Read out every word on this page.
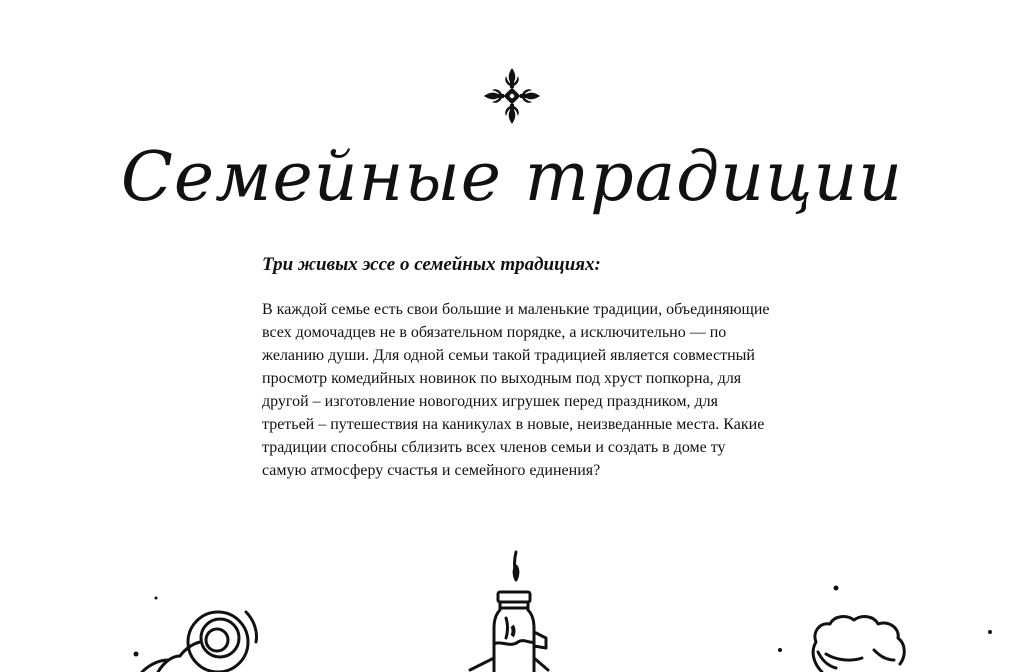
Семейные традиции

Три живых эссе о семейных традициях:

В каждой семье есть свои большие и маленькие традиции, объединяющие всех домочадцев не в обязательном порядке, а исключительно — по желанию души. Для одной семьи такой традицией является совместный просмотр комедийных новинок по выходным под хруст попкорна, для другой – изготовление новогодних игрушек перед праздником, для третьей – путешествия на каникулах в новые, неизведанные места. Какие традиции способны сблизить всех членов семьи и создать в доме ту самую атмосферу счастья и семейного единения?
